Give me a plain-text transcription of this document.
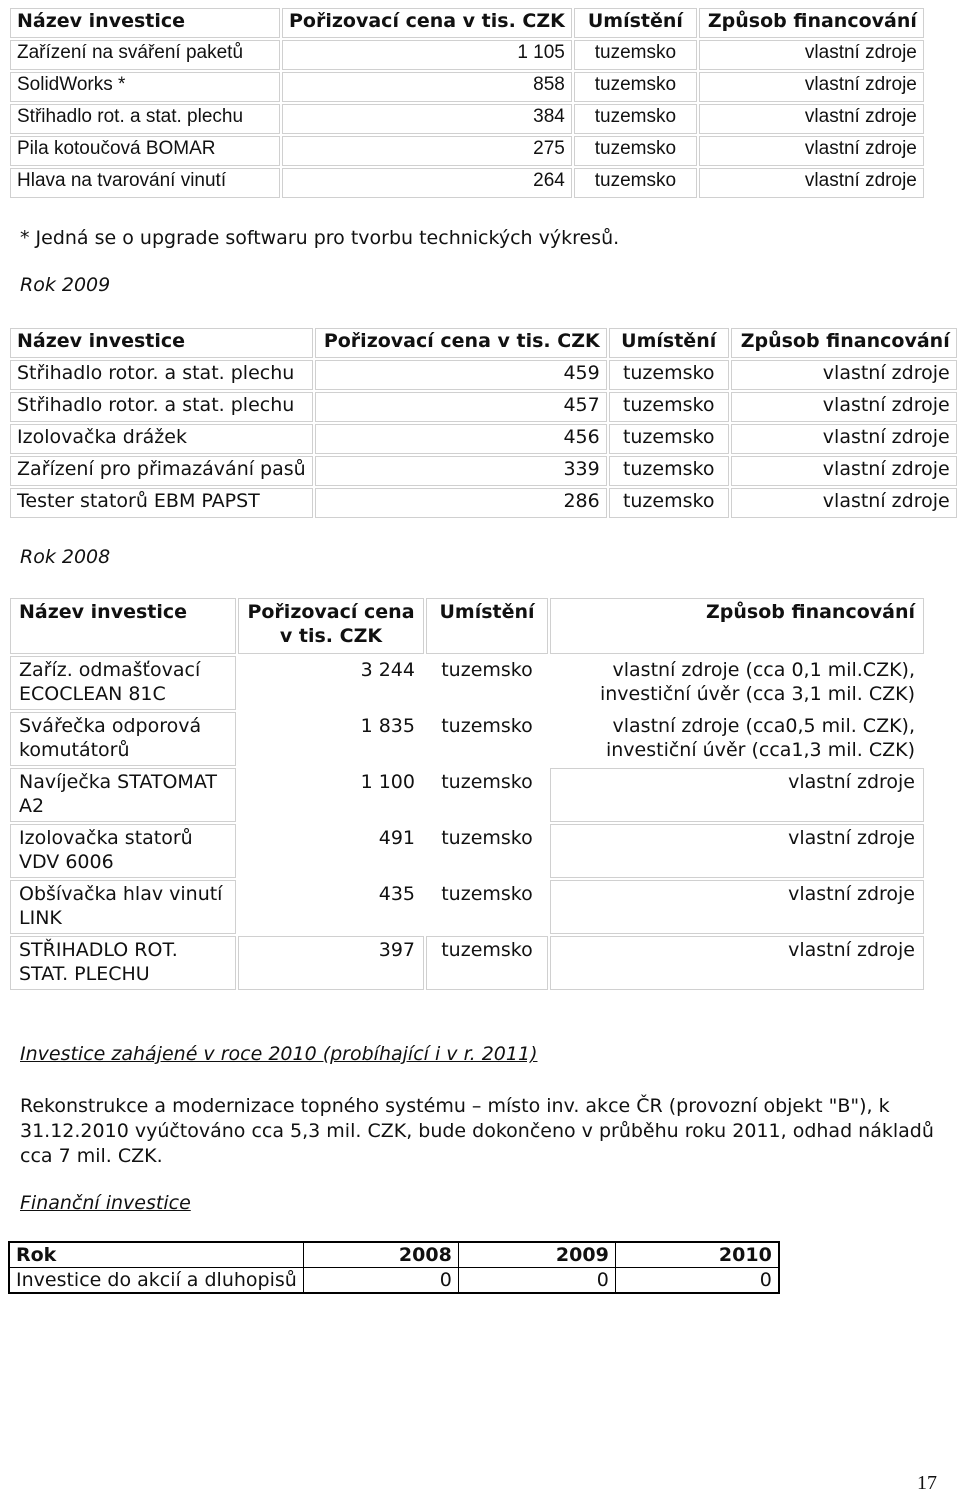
Název investice	Pořizovací cena v tis. CZK	Umístění	Způsob financování
Zařízení na sváření paketů	1 105	tuzemsko	vlastní zdroje
SolidWorks *	858	tuzemsko	vlastní zdroje
Střihadlo rot. a stat. plechu	384	tuzemsko	vlastní zdroje
Pila kotoučová BOMAR	275	tuzemsko	vlastní zdroje
Hlava na tvarování vinutí	264	tuzemsko	vlastní zdroje
* Jedná se o upgrade softwaru pro tvorbu technických výkresů.
Rok 2009
Název investice	Pořizovací cena v tis. CZK	Umístění	Způsob financování
Střihadlo rotor. a stat. plechu	459	tuzemsko	vlastní zdroje
Střihadlo rotor. a stat. plechu	457	tuzemsko	vlastní zdroje
Izolovačka drážek	456	tuzemsko	vlastní zdroje
Zařízení pro přimazávání pasů	339	tuzemsko	vlastní zdroje
Tester statorů EBM PAPST	286	tuzemsko	vlastní zdroje
Rok 2008
Název investice	Pořizovací cena v tis. CZK	Umístění	Způsob financování
Zaříz. odmašťovací ECOCLEAN 81C	3 244	tuzemsko	vlastní zdroje (cca 0,1 mil.CZK), investiční úvěr (cca 3,1 mil. CZK)
Svářečka odporová komutátorů	1 835	tuzemsko	vlastní zdroje (cca0,5 mil. CZK), investiční úvěr (cca1,3 mil. CZK)
Navíječka STATOMAT A2	1 100	tuzemsko	vlastní zdroje
Izolovačka statorů VDV 6006	491	tuzemsko	vlastní zdroje
Obšívačka hlav vinutí LINK	435	tuzemsko	vlastní zdroje
STŘIHADLO ROT. STAT. PLECHU	397	tuzemsko	vlastní zdroje
Investice zahájené v roce 2010 (probíhající i v r. 2011)

Rekonstrukce a modernizace topného systému – místo inv. akce ČR (provozní objekt "B"), k 31.12.2010 vyúčtováno cca 5,3 mil. CZK, bude dokončeno v průběhu roku 2011, odhad nákladů cca 7 mil. CZK.

Finanční investice
Rok	2008	2009	2010
Investice do akcií a dluhopisů	0	0	0
17
